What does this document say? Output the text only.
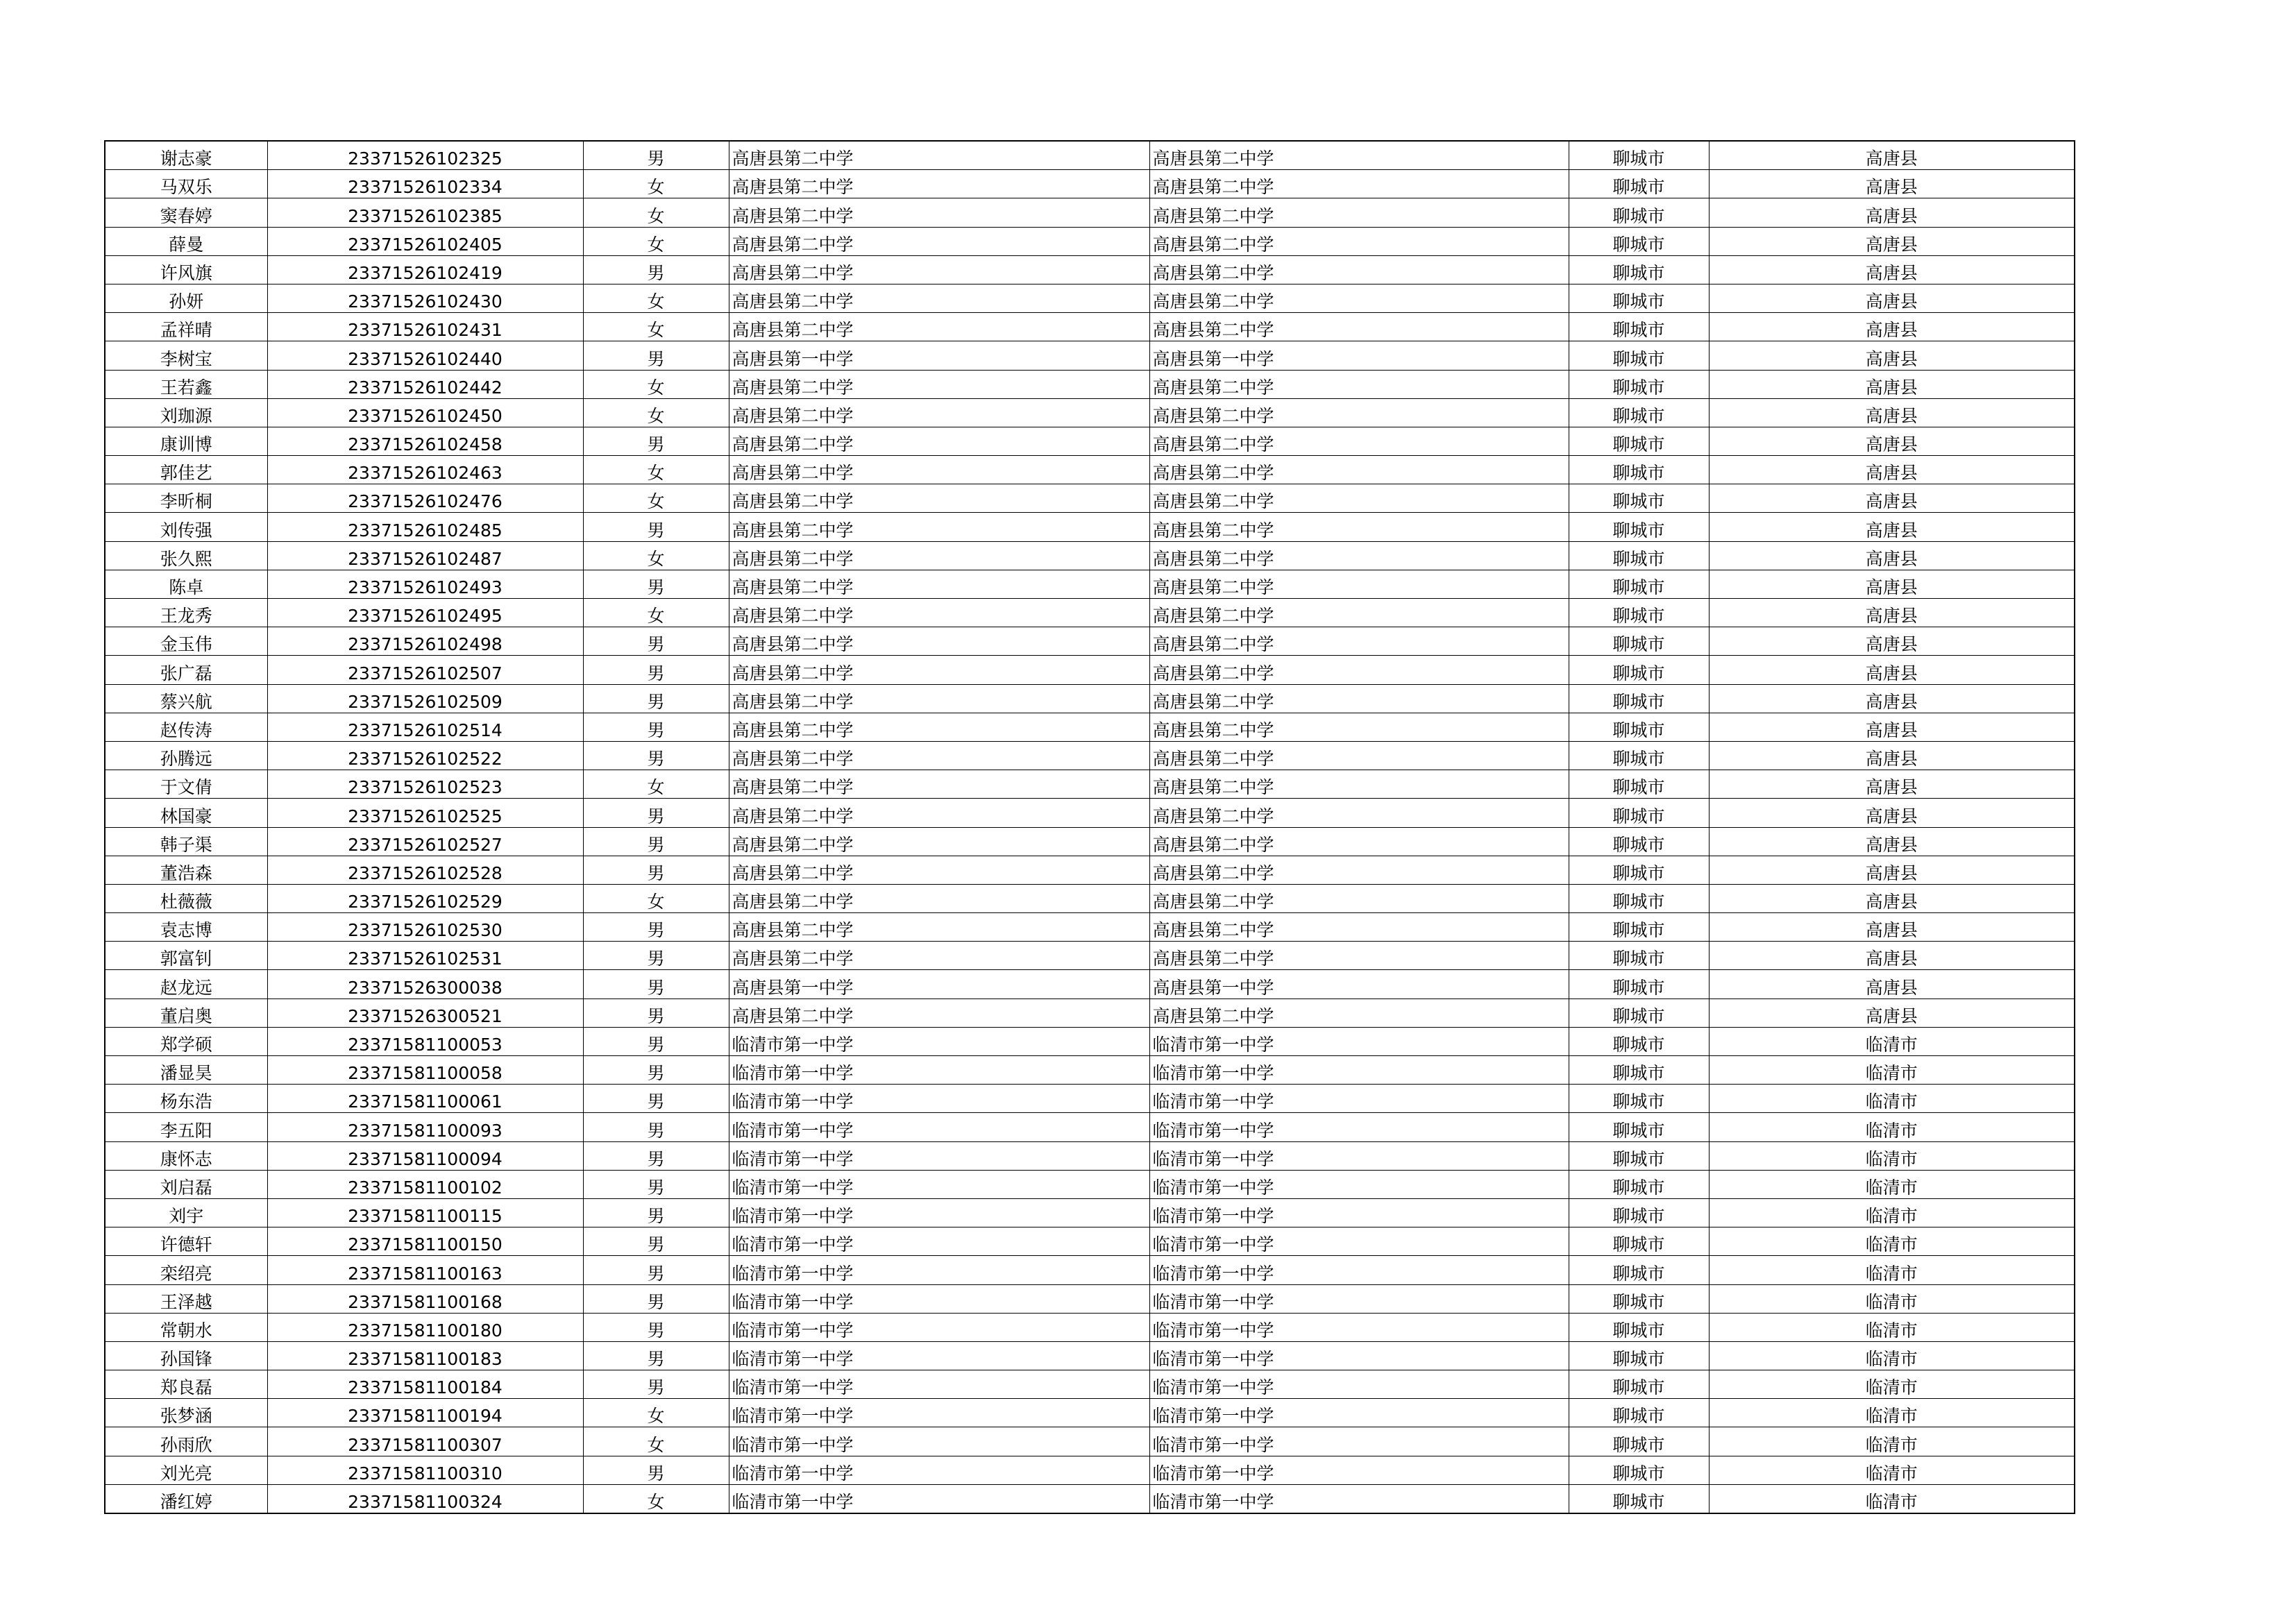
谢志豪	23371526102325	男	高唐县第二中学	高唐县第二中学	聊城市	高唐县

马双乐	23371526102334	女	高唐县第二中学	高唐县第二中学	聊城市	高唐县

窦春婷	23371526102385	女	高唐县第二中学	高唐县第二中学	聊城市	高唐县

薛曼	23371526102405	女	高唐县第二中学	高唐县第二中学	聊城市	高唐县

许风旗	23371526102419	男	高唐县第二中学	高唐县第二中学	聊城市	高唐县

孙妍	23371526102430	女	高唐县第二中学	高唐县第二中学	聊城市	高唐县

孟祥晴	23371526102431	女	高唐县第二中学	高唐县第二中学	聊城市	高唐县

李树宝	23371526102440	男	高唐县第一中学	高唐县第一中学	聊城市	高唐县

王若鑫	23371526102442	女	高唐县第二中学	高唐县第二中学	聊城市	高唐县

刘珈源	23371526102450	女	高唐县第二中学	高唐县第二中学	聊城市	高唐县

康训博	23371526102458	男	高唐县第二中学	高唐县第二中学	聊城市	高唐县

郭佳艺	23371526102463	女	高唐县第二中学	高唐县第二中学	聊城市	高唐县

李昕桐	23371526102476	女	高唐县第二中学	高唐县第二中学	聊城市	高唐县

刘传强	23371526102485	男	高唐县第二中学	高唐县第二中学	聊城市	高唐县

张久熙	23371526102487	女	高唐县第二中学	高唐县第二中学	聊城市	高唐县

陈卓	23371526102493	男	高唐县第二中学	高唐县第二中学	聊城市	高唐县

王龙秀	23371526102495	女	高唐县第二中学	高唐县第二中学	聊城市	高唐县

金玉伟	23371526102498	男	高唐县第二中学	高唐县第二中学	聊城市	高唐县

张广磊	23371526102507	男	高唐县第二中学	高唐县第二中学	聊城市	高唐县

蔡兴航	23371526102509	男	高唐县第二中学	高唐县第二中学	聊城市	高唐县

赵传涛	23371526102514	男	高唐县第二中学	高唐县第二中学	聊城市	高唐县

孙腾远	23371526102522	男	高唐县第二中学	高唐县第二中学	聊城市	高唐县

于文倩	23371526102523	女	高唐县第二中学	高唐县第二中学	聊城市	高唐县

林国豪	23371526102525	男	高唐县第二中学	高唐县第二中学	聊城市	高唐县

韩子渠	23371526102527	男	高唐县第二中学	高唐县第二中学	聊城市	高唐县

董浩森	23371526102528	男	高唐县第二中学	高唐县第二中学	聊城市	高唐县

杜薇薇	23371526102529	女	高唐县第二中学	高唐县第二中学	聊城市	高唐县

袁志博	23371526102530	男	高唐县第二中学	高唐县第二中学	聊城市	高唐县

郭富钊	23371526102531	男	高唐县第二中学	高唐县第二中学	聊城市	高唐县

赵龙远	23371526300038	男	高唐县第一中学	高唐县第一中学	聊城市	高唐县

董启奥	23371526300521	男	高唐县第二中学	高唐县第二中学	聊城市	高唐县

郑学硕	23371581100053	男	临清市第一中学	临清市第一中学	聊城市	临清市

潘显昊	23371581100058	男	临清市第一中学	临清市第一中学	聊城市	临清市

杨东浩	23371581100061	男	临清市第一中学	临清市第一中学	聊城市	临清市

李五阳	23371581100093	男	临清市第一中学	临清市第一中学	聊城市	临清市

康怀志	23371581100094	男	临清市第一中学	临清市第一中学	聊城市	临清市

刘启磊	23371581100102	男	临清市第一中学	临清市第一中学	聊城市	临清市

刘宇	23371581100115	男	临清市第一中学	临清市第一中学	聊城市	临清市

许德轩	23371581100150	男	临清市第一中学	临清市第一中学	聊城市	临清市

栾绍亮	23371581100163	男	临清市第一中学	临清市第一中学	聊城市	临清市

王泽越	23371581100168	男	临清市第一中学	临清市第一中学	聊城市	临清市

常朝水	23371581100180	男	临清市第一中学	临清市第一中学	聊城市	临清市

孙国锋	23371581100183	男	临清市第一中学	临清市第一中学	聊城市	临清市

郑良磊	23371581100184	男	临清市第一中学	临清市第一中学	聊城市	临清市

张梦涵	23371581100194	女	临清市第一中学	临清市第一中学	聊城市	临清市

孙雨欣	23371581100307	女	临清市第一中学	临清市第一中学	聊城市	临清市

刘光亮	23371581100310	男	临清市第一中学	临清市第一中学	聊城市	临清市

潘红婷	23371581100324	女	临清市第一中学	临清市第一中学	聊城市	临清市
